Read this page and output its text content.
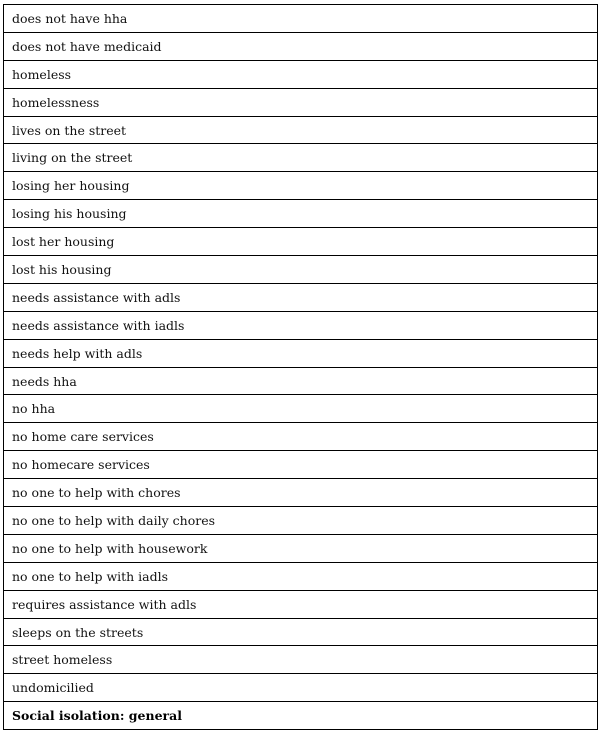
does not have hha
does not have medicaid
homeless
homelessness
lives on the street
living on the street
losing her housing
losing his housing
lost her housing
lost his housing
needs assistance with adls
needs assistance with iadls
needs help with adls
needs hha
no hha
no home care services
no homecare services
no one to help with chores
no one to help with daily chores
no one to help with housework
no one to help with iadls
requires assistance with adls
sleeps on the streets
street homeless
undomicilied
Social isolation: general
